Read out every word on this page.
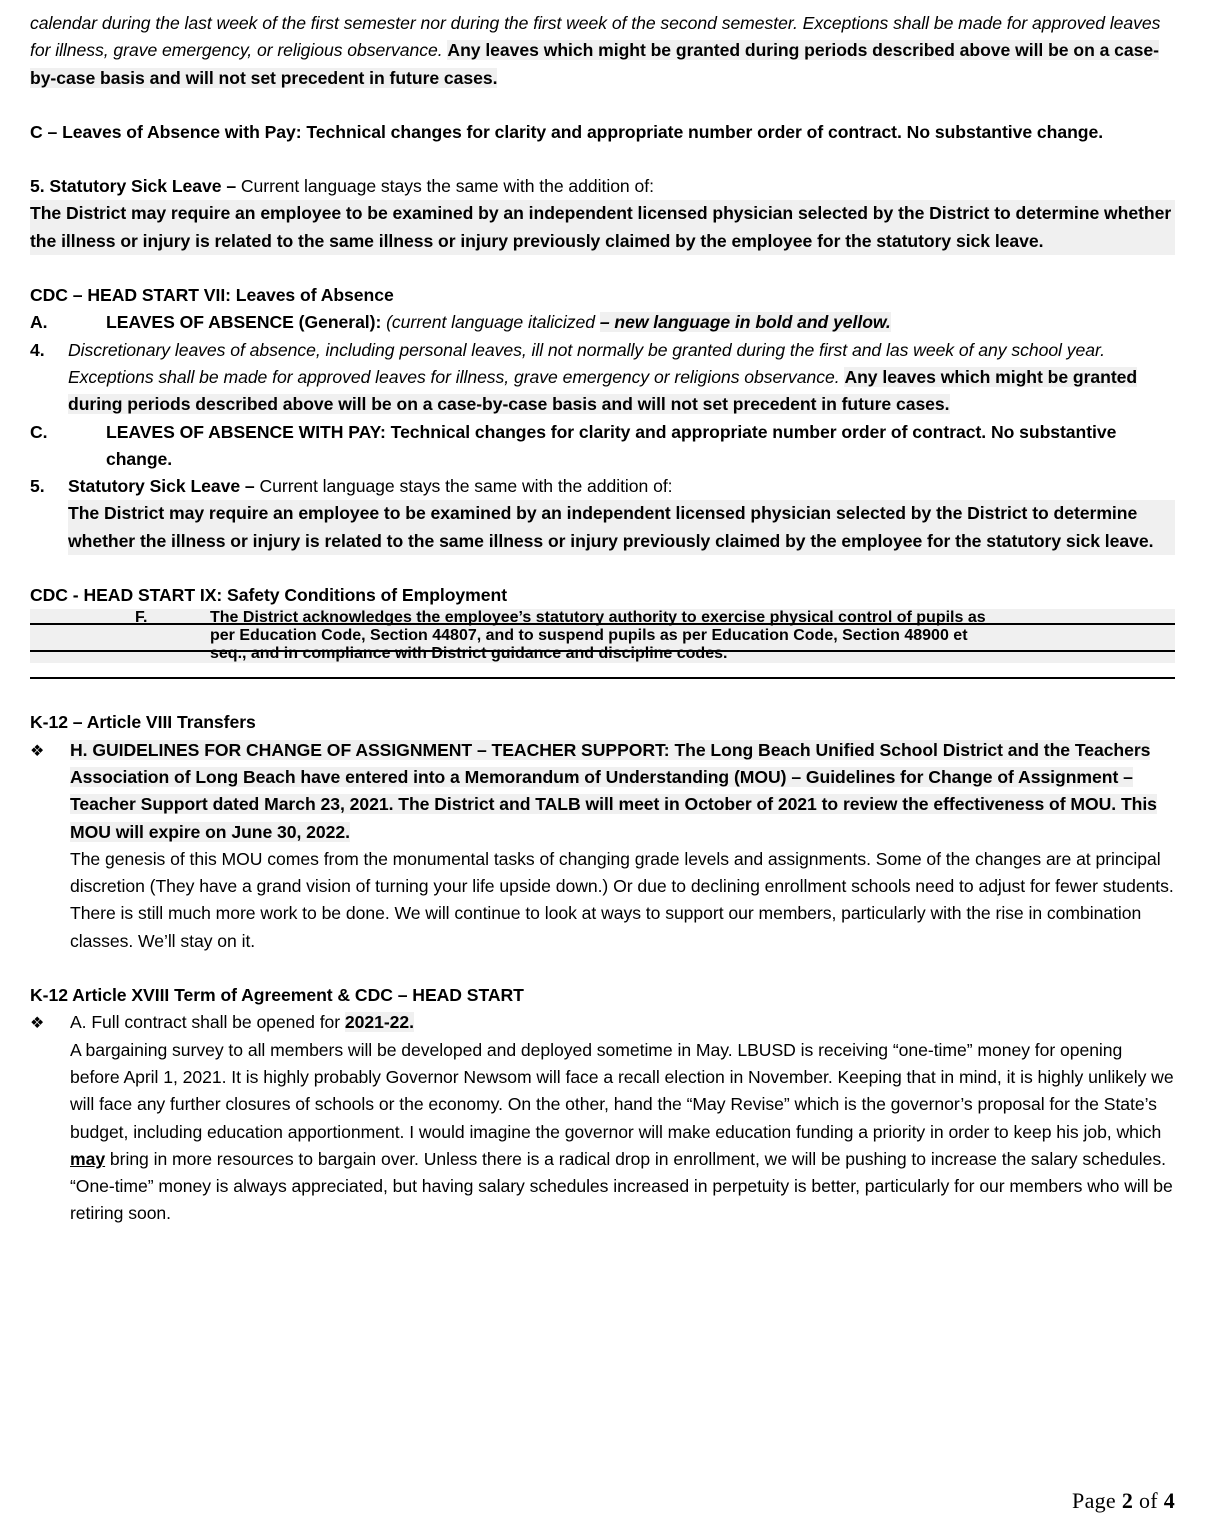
calendar during the last week of the first semester nor during the first week of the second semester. Exceptions shall be made for approved leaves for illness, grave emergency, or religious observance. Any leaves which might be granted during periods described above will be on a case-by-case basis and will not set precedent in future cases.
C – Leaves of Absence with Pay: Technical changes for clarity and appropriate number order of contract. No substantive change.
5. Statutory Sick Leave – Current language stays the same with the addition of:
The District may require an employee to be examined by an independent licensed physician selected by the District to determine whether the illness or injury is related to the same illness or injury previously claimed by the employee for the statutory sick leave.
CDC – HEAD START VII: Leaves of Absence
A.	LEAVES OF ABSENCE (General): (current language italicized – new language in bold and yellow.
4.	Discretionary leaves of absence, including personal leaves, ill not normally be granted during the first and las week of any school year. Exceptions shall be made for approved leaves for illness, grave emergency or religions observance. Any leaves which might be granted during periods described above will be on a case-by-case basis and will not set precedent in future cases.
C.	LEAVES OF ABSENCE WITH PAY: Technical changes for clarity and appropriate number order of contract. No substantive change.
5. Statutory Sick Leave – Current language stays the same with the addition of:
The District may require an employee to be examined by an independent licensed physician selected by the District to determine whether the illness or injury is related to the same illness or injury previously claimed by the employee for the statutory sick leave.
CDC - HEAD START IX: Safety Conditions of Employment
F.	The District acknowledges the employee’s statutory authority to exercise physical control of pupils as
per Education Code, Section 44807, and to suspend pupils as per Education Code, Section 48900 et
seq., and in compliance with District guidance and discipline codes.
K-12 – Article VIII Transfers
❖ H. GUIDELINES FOR CHANGE OF ASSIGNMENT – TEACHER SUPPORT: The Long Beach Unified School District and the Teachers Association of Long Beach have entered into a Memorandum of Understanding (MOU) – Guidelines for Change of Assignment – Teacher Support dated March 23, 2021. The District and TALB will meet in October of 2021 to review the effectiveness of MOU. This MOU will expire on June 30, 2022.
The genesis of this MOU comes from the monumental tasks of changing grade levels and assignments. Some of the changes are at principal discretion (They have a grand vision of turning your life upside down.) Or due to declining enrollment schools need to adjust for fewer students. There is still much more work to be done. We will continue to look at ways to support our members, particularly with the rise in combination classes. We’ll stay on it.
K-12 Article XVIII Term of Agreement & CDC – HEAD START
❖ A. Full contract shall be opened for 2021-22.
A bargaining survey to all members will be developed and deployed sometime in May. LBUSD is receiving “one-time” money for opening before April 1, 2021. It is highly probably Governor Newsom will face a recall election in November. Keeping that in mind, it is highly unlikely we will face any further closures of schools or the economy. On the other, hand the “May Revise” which is the governor’s proposal for the State’s budget, including education apportionment. I would imagine the governor will make education funding a priority in order to keep his job, which may bring in more resources to bargain over. Unless there is a radical drop in enrollment, we will be pushing to increase the salary schedules. “One-time” money is always appreciated, but having salary schedules increased in perpetuity is better, particularly for our members who will be retiring soon.
Page 2 of 4
